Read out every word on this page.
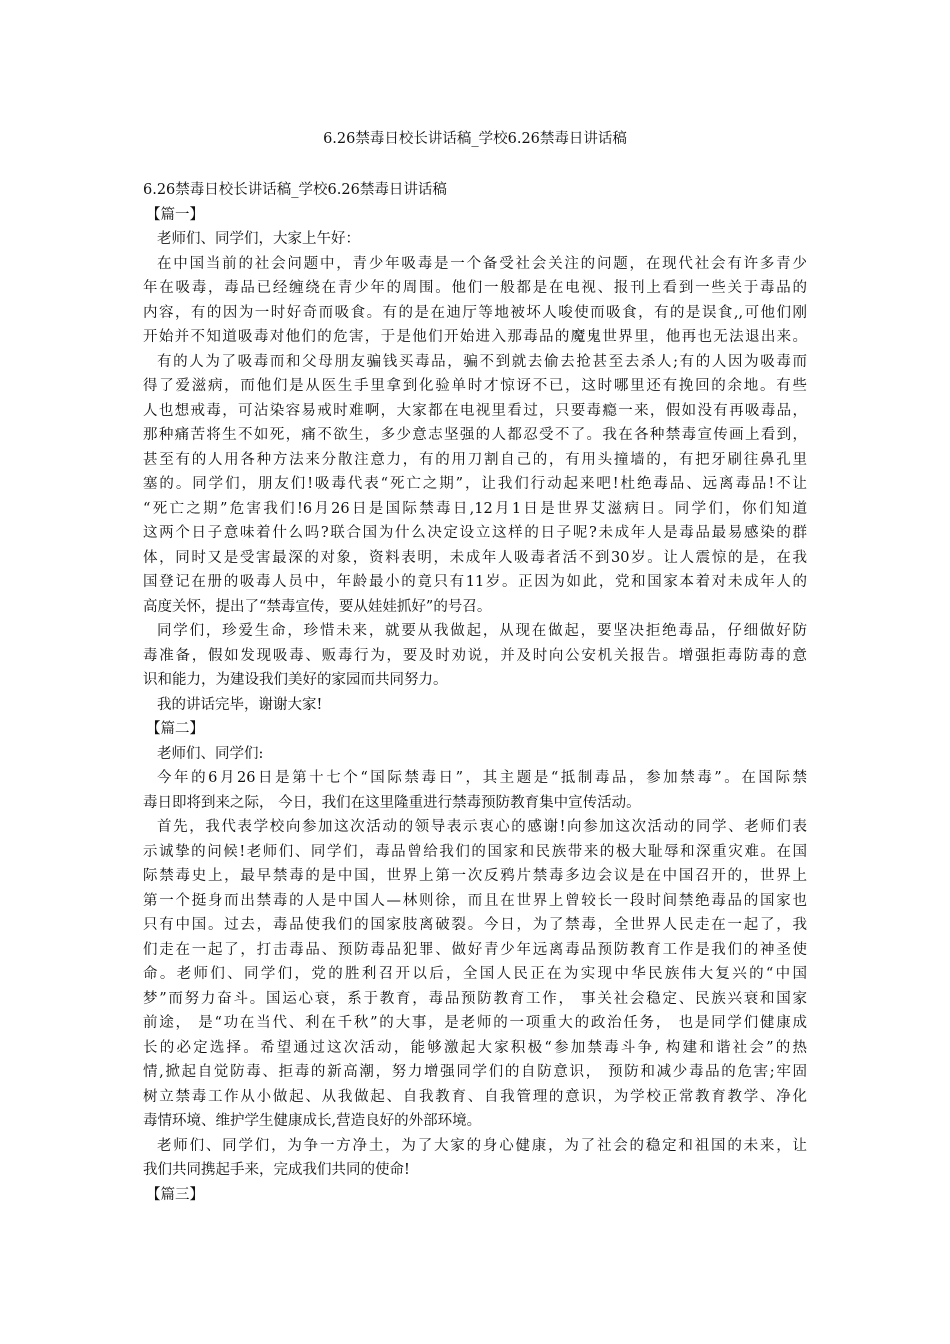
6.26禁毒日校长讲话稿_学校6.26禁毒日讲话稿
6.26禁毒日校长讲话稿_学校6.26禁毒日讲话稿
【篇一】
老师们、同学们，大家上午好：
在中国当前的社会问题中，青少年吸毒是一个备受社会关注的问题，在现代社会有许多青少
年在吸毒，毒品已经缠绕在青少年的周围。他们一般都是在电视、报刊上看到一些关于毒品的
内容，有的因为一时好奇而吸食。有的是在迪厅等地被坏人唆使而吸食，有的是误食,,可他们刚
开始并不知道吸毒对他们的危害，于是他们开始进入那毒品的魔鬼世界里，他再也无法退出来。
有的人为了吸毒而和父母朋友骗钱买毒品，骗不到就去偷去抢甚至去杀人;有的人因为吸毒而
得了爱滋病，而他们是从医生手里拿到化验单时才惊讶不已，这时哪里还有挽回的余地。有些
人也想戒毒，可沾染容易戒时难啊，大家都在电视里看过，只要毒瘾一来，假如没有再吸毒品，
那种痛苦将生不如死，痛不欲生，多少意志坚强的人都忍受不了。我在各种禁毒宣传画上看到，
甚至有的人用各种方法来分散注意力，有的用刀割自己的，有用头撞墙的，有把牙刷往鼻孔里
塞的。同学们，朋友们!吸毒代表“死亡之期”，让我们行动起来吧!杜绝毒品、远离毒品!不让
“死亡之期”危害我们!6月26日是国际禁毒日,12月1日是世界艾滋病日。同学们，你们知道
这两个日子意味着什么吗?联合国为什么决定设立这样的日子呢?未成年人是毒品最易感染的群
体，同时又是受害最深的对象，资料表明，未成年人吸毒者活不到30岁。让人震惊的是，在我
国登记在册的吸毒人员中，年龄最小的竟只有11岁。正因为如此，党和国家本着对未成年人的
高度关怀，提出了“禁毒宣传，要从娃娃抓好”的号召。
同学们，珍爱生命，珍惜未来，就要从我做起，从现在做起，要坚决拒绝毒品，仔细做好防
毒准备，假如发现吸毒、贩毒行为，要及时劝说，并及时向公安机关报告。增强拒毒防毒的意
识和能力，为建设我们美好的家园而共同努力。
我的讲话完毕，谢谢大家!
【篇二】
老师们、同学们:
今年的6月26日是第十七个“国际禁毒日”，其主题是“抵制毒品，参加禁毒”。在国际禁
毒日即将到来之际， 今日，我们在这里隆重进行禁毒预防教育集中宣传活动。
首先，我代表学校向参加这次活动的领导表示衷心的感谢!向参加这次活动的同学、老师们表
示诚挚的问候!老师们、同学们，毒品曾给我们的国家和民族带来的极大耻辱和深重灾难。在国
际禁毒史上，最早禁毒的是中国，世界上第一次反鸦片禁毒多边会议是在中国召开的，世界上
第一个挺身而出禁毒的人是中国人—林则徐，而且在世界上曾较长一段时间禁绝毒品的国家也
只有中国。过去，毒品使我们的国家肢离破裂。今日，为了禁毒，全世界人民走在一起了，我
们走在一起了，打击毒品、预防毒品犯罪、做好青少年远离毒品预防教育工作是我们的神圣使
命。老师们、同学们，党的胜利召开以后，全国人民正在为实现中华民族伟大复兴的“中国
梦”而努力奋斗。国运心衰，系于教育，毒品预防教育工作， 事关社会稳定、民族兴衰和国家
前途， 是“功在当代、利在千秋”的大事，是老师的一项重大的政治任务， 也是同学们健康成
长的必定选择。希望通过这次活动，能够激起大家积极“参加禁毒斗争, 构建和谐社会”的热
情,掀起自觉防毒、拒毒的新高潮，努力增强同学们的自防意识， 预防和减少毒品的危害;牢固
树立禁毒工作从小做起、从我做起、自我教育、自我管理的意识，为学校正常教育教学、净化
毒情环境、维护学生健康成长,营造良好的外部环境。
老师们、同学们，为争一方净土，为了大家的身心健康，为了社会的稳定和祖国的未来，让
我们共同携起手来，完成我们共同的使命!
【篇三】
